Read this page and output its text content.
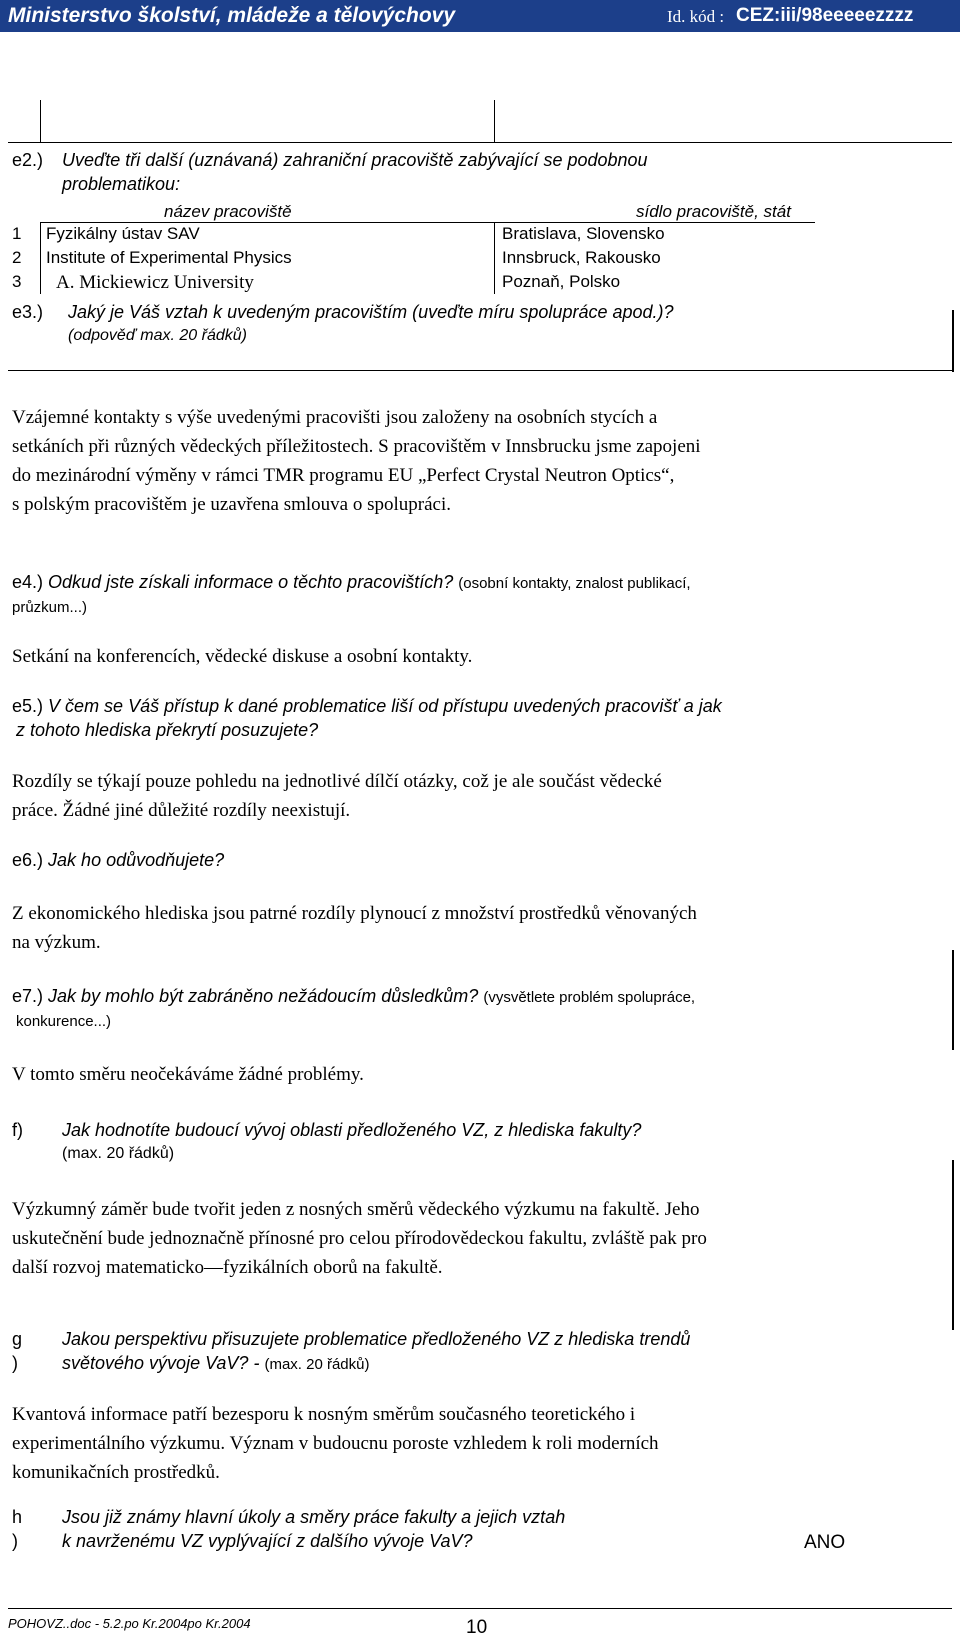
Ministerstvo školství, mládeže a tělovýchovy	Id. kód : CEZ:iii/98eeeeezzzz
e2.) Uveďte tři další (uznávaná) zahraniční pracoviště zabývající se podobnou
problematikou:
název pracoviště	sídlo pracoviště, stát
1 Fyzikálny ústav SAV	Bratislava, Slovensko
2 Institute of Experimental Physics	Innsbruck, Rakousko
3 A. Mickiewicz University	Poznaň, Polsko
e3.) Jaký je Váš vztah k uvedeným pracovištím (uveďte míru spolupráce apod.)?
(odpověď max. 20 řádků)
Vzájemné kontakty s výše uvedenými pracovišti jsou založeny na osobních stycích a
setkáních při různých vědeckých příležitostech. S pracovištěm v Innsbrucku jsme zapojeni
do mezinárodní výměny v rámci TMR programu EU „Perfect Crystal Neutron Optics“,
s polským pracovištěm je uzavřena smlouva o spolupráci.
e4.) Odkud jste získali informace o těchto pracovištích? (osobní kontakty, znalost publikací,
průzkum...)
Setkání na konferencích, vědecké diskuse a osobní kontakty.
e5.) V čem se Váš přístup k dané problematice liší od přístupu uvedených pracovišť a jak
z tohoto hlediska překrytí posuzujete?
Rozdíly se týkají pouze pohledu na jednotlivé dílčí otázky, což je ale součást vědecké
práce. Žádné jiné důležité rozdíly neexistují.
e6.) Jak ho odůvodňujete?
Z ekonomického hlediska jsou patrné rozdíly plynoucí z množství prostředků věnovaných
na výzkum.
e7.) Jak by mohlo být zabráněno nežádoucím důsledkům? (vysvětlete problém spolupráce,
konkurence...)
V tomto směru neočekáváme žádné problémy.
f) Jak hodnotíte budoucí vývoj oblasti předloženého VZ, z hlediska fakulty?
(max. 20 řádků)
Výzkumný záměr bude tvořit jeden z nosných směrů vědeckého výzkumu na fakultě. Jeho
uskutečnění bude jednoznačně přínosné pro celou přírodovědeckou fakultu, zvláště pak pro
další rozvoj matematicko—fyzikálních oborů na fakultě.
g
)
Jakou perspektivu přisuzujete problematice předloženého VZ z hlediska trendů
světového vývoje VaV? - (max. 20 řádků)
Kvantová informace patří bezesporu k nosným směrům současného teoretického i
experimentálního výzkumu. Význam v budoucnu poroste vzhledem k roli moderních
komunikačních prostředků.
h
)
Jsou již známy hlavní úkoly a směry práce fakulty a jejich vztah
k navrženému VZ vyplývající z dalšího vývoje VaV?	ANO
POHOVZ..doc - 5.2.po Kr.2004po Kr.2004	10
